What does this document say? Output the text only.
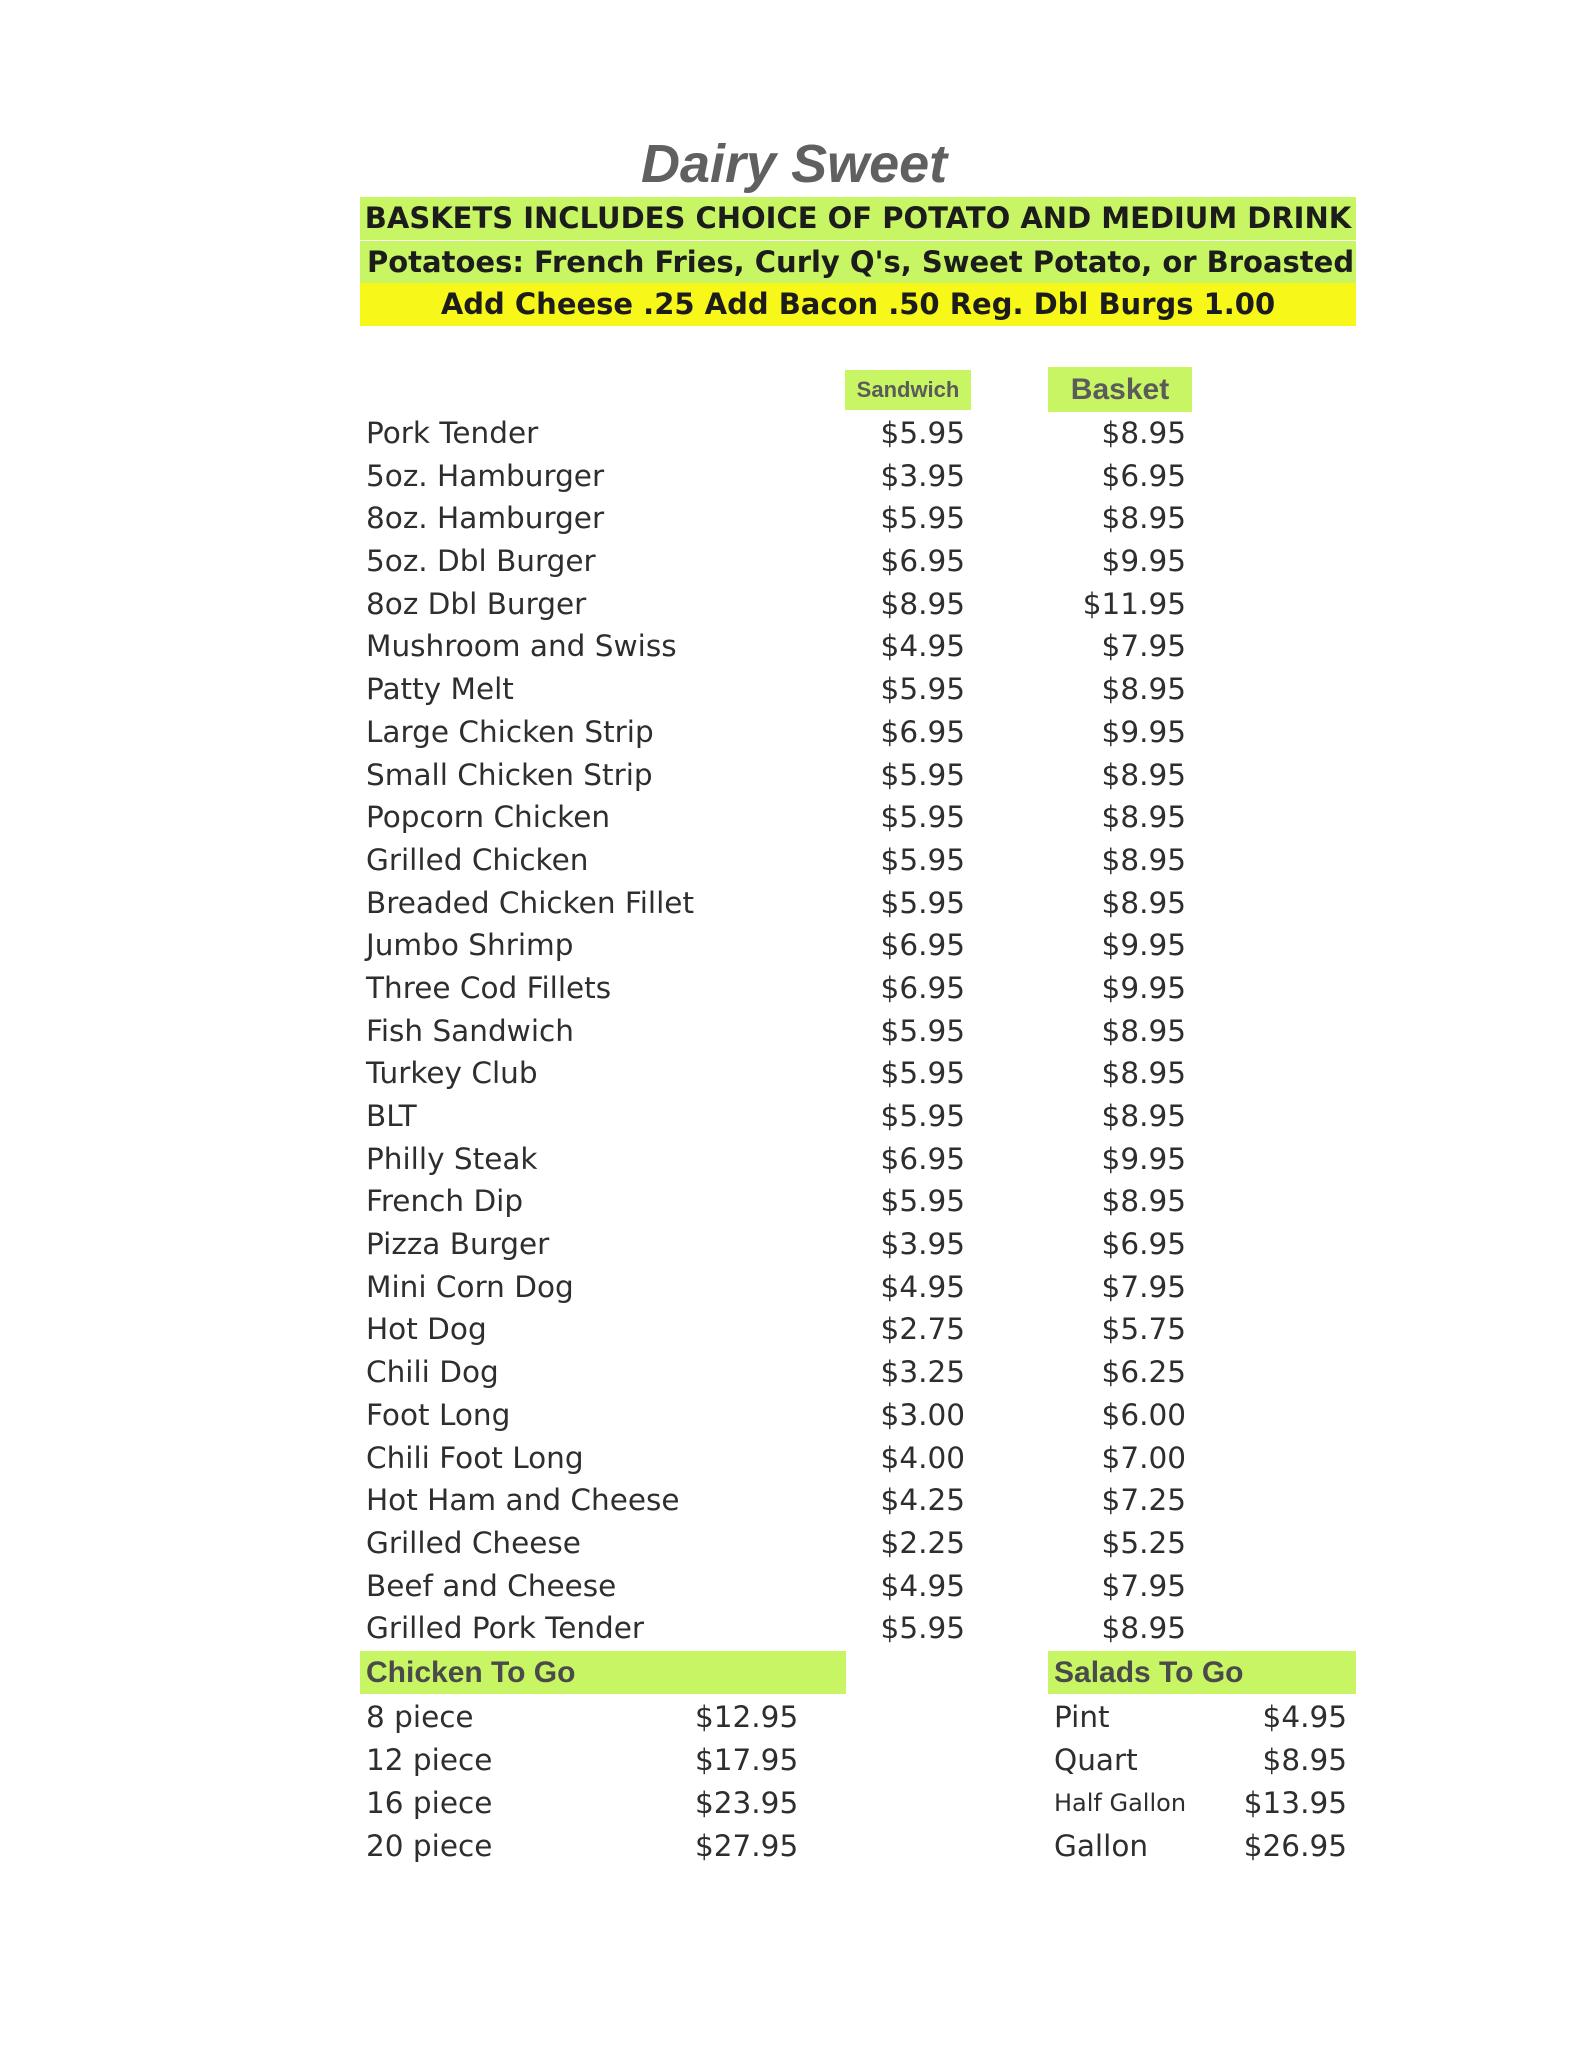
Dairy Sweet
BASKETS INCLUDES CHOICE OF POTATO AND MEDIUM DRINK
Potatoes: French Fries, Curly Q's, Sweet Potato, or Broasted
Add Cheese .25 Add Bacon .50 Reg. Dbl Burgs 1.00
Sandwich	Basket
Pork Tender	$5.95	$8.95
5oz. Hamburger	$3.95	$6.95
8oz. Hamburger	$5.95	$8.95
5oz. Dbl Burger	$6.95	$9.95
8oz Dbl Burger	$8.95	$11.95
Mushroom and Swiss	$4.95	$7.95
Patty Melt	$5.95	$8.95
Large Chicken Strip	$6.95	$9.95
Small Chicken Strip	$5.95	$8.95
Popcorn Chicken	$5.95	$8.95
Grilled Chicken	$5.95	$8.95
Breaded Chicken Fillet	$5.95	$8.95
Jumbo Shrimp	$6.95	$9.95
Three Cod Fillets	$6.95	$9.95
Fish Sandwich	$5.95	$8.95
Turkey Club	$5.95	$8.95
BLT	$5.95	$8.95
Philly Steak	$6.95	$9.95
French Dip	$5.95	$8.95
Pizza Burger	$3.95	$6.95
Mini Corn Dog	$4.95	$7.95
Hot Dog	$2.75	$5.75
Chili Dog	$3.25	$6.25
Foot Long	$3.00	$6.00
Chili Foot Long	$4.00	$7.00
Hot Ham and Cheese	$4.25	$7.25
Grilled Cheese	$2.25	$5.25
Beef and Cheese	$4.95	$7.95
Grilled Pork Tender	$5.95	$8.95
Chicken To Go	Salads To Go
8 piece	$12.95
12 piece	$17.95
16 piece	$23.95
20 piece	$27.95
Pint	$4.95
Quart	$8.95
Half Gallon $13.95
Gallon	$26.95
